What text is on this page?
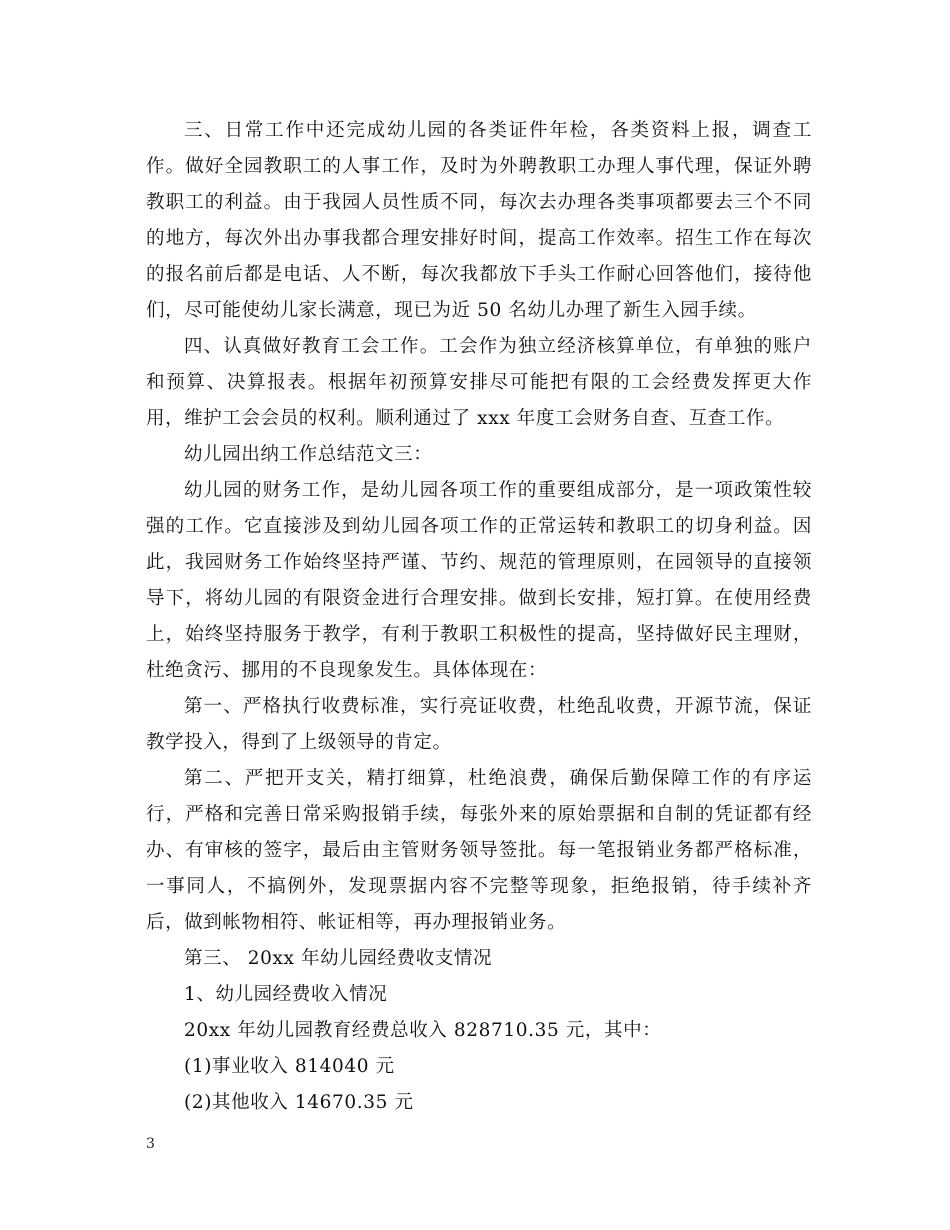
三、日常工作中还完成幼儿园的各类证件年检，各类资料上报，调查工作。做好全园教职工的人事工作，及时为外聘教职工办理人事代理，保证外聘教职工的利益。由于我园人员性质不同，每次去办理各类事项都要去三个不同的地方，每次外出办事我都合理安排好时间，提高工作效率。招生工作在每次的报名前后都是电话、人不断，每次我都放下手头工作耐心回答他们，接待他们，尽可能使幼儿家长满意，现已为近 50 名幼儿办理了新生入园手续。

四、认真做好教育工会工作。工会作为独立经济核算单位，有单独的账户和预算、决算报表。根据年初预算安排尽可能把有限的工会经费发挥更大作用，维护工会会员的权利。顺利通过了 xxx 年度工会财务自查、互查工作。

幼儿园出纳工作总结范文三：

幼儿园的财务工作，是幼儿园各项工作的重要组成部分，是一项政策性较强的工作。它直接涉及到幼儿园各项工作的正常运转和教职工的切身利益。因此，我园财务工作始终坚持严谨、节约、规范的管理原则，在园领导的直接领导下，将幼儿园的有限资金进行合理安排。做到长安排，短打算。在使用经费上，始终坚持服务于教学，有利于教职工积极性的提高，坚持做好民主理财，杜绝贪污、挪用的不良现象发生。具体体现在：

第一、严格执行收费标准，实行亮证收费，杜绝乱收费，开源节流，保证教学投入，得到了上级领导的肯定。

第二、严把开支关，精打细算，杜绝浪费，确保后勤保障工作的有序运行，严格和完善日常采购报销手续，每张外来的原始票据和自制的凭证都有经办、有审核的签字，最后由主管财务领导签批。每一笔报销业务都严格标准，一事同人，不搞例外，发现票据内容不完整等现象，拒绝报销，待手续补齐后，做到帐物相符、帐证相等，再办理报销业务。

第三、 20xx 年幼儿园经费收支情况

1、幼儿园经费收入情况

20xx 年幼儿园教育经费总收入 828710.35 元，其中：

(1)事业收入 814040 元

(2)其他收入 14670.35 元

3
